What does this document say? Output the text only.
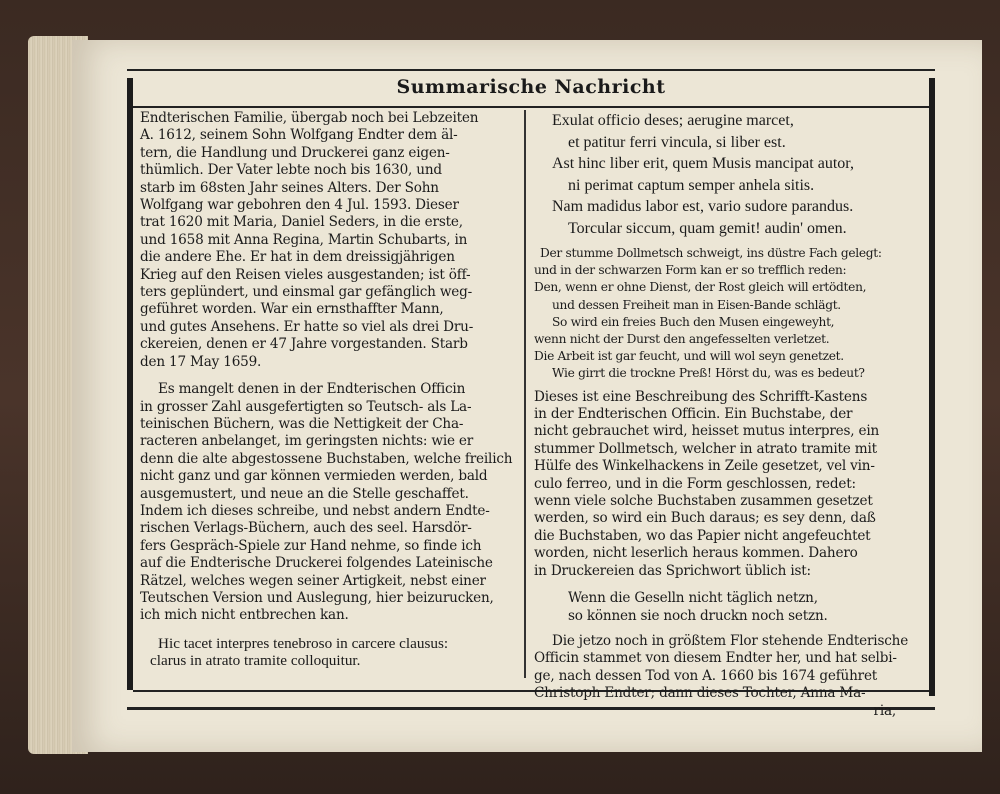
Summarische Nachricht
Endterischen Familie, übergab noch bei Lebzeiten
A. 1612, seinem Sohn Wolfgang Endter dem äl-
tern, die Handlung und Druckerei ganz eigen-
thümlich. Der Vater lebte noch bis 1630, und
starb im 68sten Jahr seines Alters. Der Sohn
Wolfgang war gebohren den 4 Jul. 1593. Dieser
trat 1620 mit Maria, Daniel Seders, in die erste,
und 1658 mit Anna Regina, Martin Schubarts, in
die andere Ehe. Er hat in dem dreissigjährigen
Krieg auf den Reisen vieles ausgestanden; ist öff-
ters geplündert, und einsmal gar gefänglich weg-
geführet worden. War ein ernsthaffter Mann,
und gutes Ansehens. Er hatte so viel als drei Dru-
ckereien, denen er 47 Jahre vorgestanden. Starb
den 17 May 1659.
Es mangelt denen in der Endterischen Officin
in grosser Zahl ausgefertigten so Teutsch- als La-
teinischen Büchern, was die Nettigkeit der Cha-
racteren anbelanget, im geringsten nichts: wie er
denn die alte abgestossene Buchstaben, welche freilich
nicht ganz und gar können vermieden werden, bald
ausgemustert, und neue an die Stelle geschaffet.
Indem ich dieses schreibe, und nebst andern Endte-
rischen Verlags-Büchern, auch des seel. Harsdör-
fers Gespräch-Spiele zur Hand nehme, so finde ich
auf die Endterische Druckerei folgendes Lateinische
Rätzel, welches wegen seiner Artigkeit, nebst einer
Teutschen Version und Auslegung, hier beizurucken,
ich mich nicht entbrechen kan.
Hic tacet interpres tenebroso in carcere clausus:
clarus in atrato tramite colloquitur.
Exulat officio deses; aerugine marcet,
et patitur ferri vincula, si liber est.
Ast hinc liber erit, quem Musis mancipat autor,
ni perimat captum semper anhela sitis.
Nam madidus labor est, vario sudore parandus.
Torcular siccum, quam gemit! audin' omen.
Der stumme Dollmetsch schweigt, ins düstre Fach gelegt:
und in der schwarzen Form kan er so trefflich reden:
Den, wenn er ohne Dienst, der Rost gleich will ertödten,
und dessen Freiheit man in Eisen-Bande schlägt.
So wird ein freies Buch den Musen eingeweyht,
wenn nicht der Durst den angefesselten verletzet.
Die Arbeit ist gar feucht, und will wol seyn genetzet.
Wie girrt die trockne Preß! Hörst du, was es bedeut?
Dieses ist eine Beschreibung des Schrifft-Kastens
in der Endterischen Officin. Ein Buchstabe, der
nicht gebrauchet wird, heisset mutus interpres, ein
stummer Dollmetsch, welcher in atrato tramite mit
Hülfe des Winkelhackens in Zeile gesetzet, vel vin-
culo ferreo, und in die Form geschlossen, redet:
wenn viele solche Buchstaben zusammen gesetzet
werden, so wird ein Buch daraus; es sey denn, daß
die Buchstaben, wo das Papier nicht angefeuchtet
worden, nicht leserlich heraus kommen. Dahero
in Druckereien das Sprichwort üblich ist:
Wenn die Geselln nicht täglich netzn,
so können sie noch druckn noch setzn.
Die jetzo noch in größtem Flor stehende Endterische
Officin stammet von diesem Endter her, und hat selbi-
ge, nach dessen Tod von A. 1660 bis 1674 geführet
Christoph Endter; dann dieses Tochter, Anna Ma-
ria,
